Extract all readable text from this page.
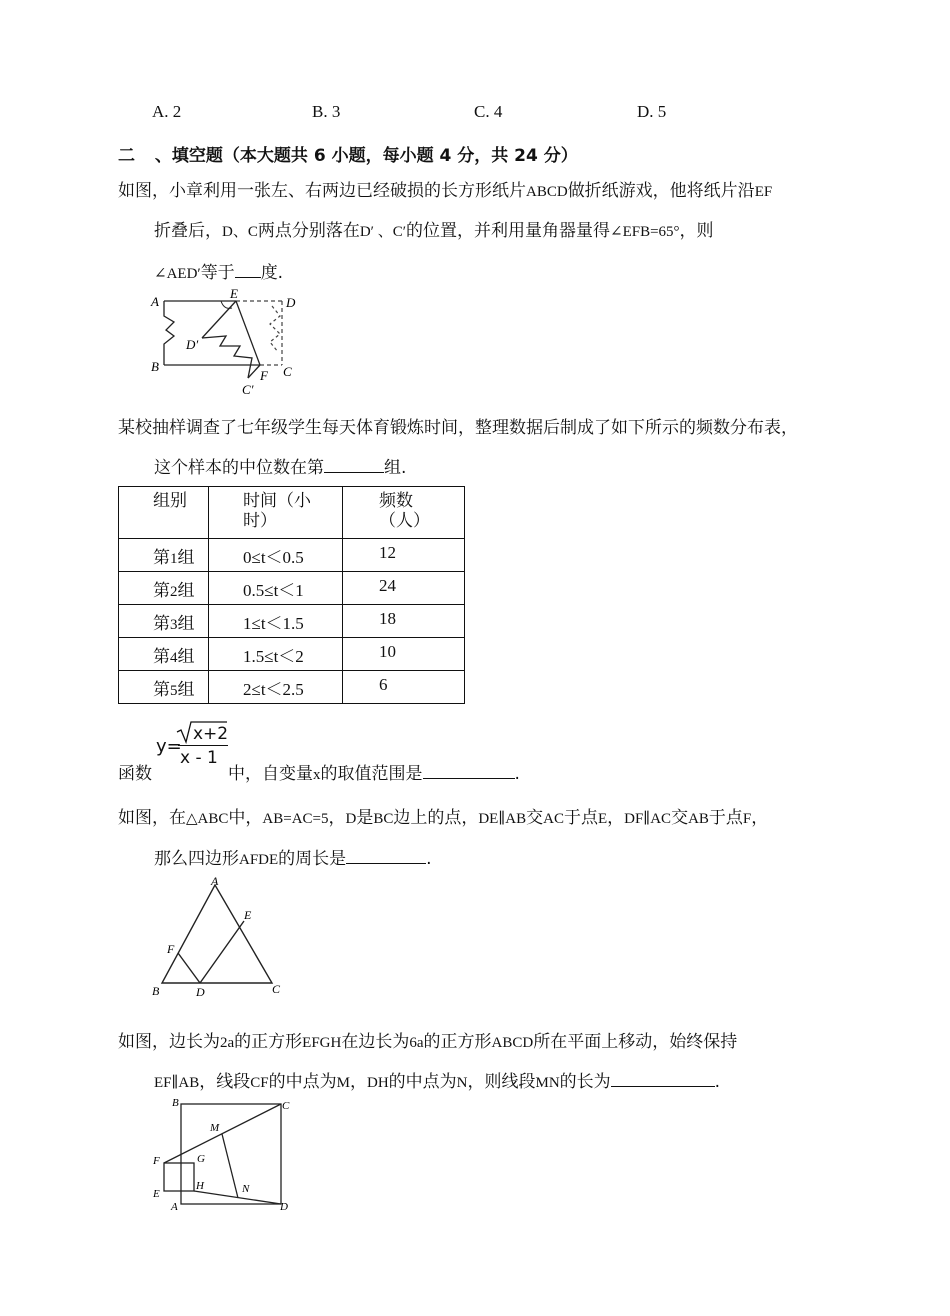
A. 2	B. 3	C. 4	D. 5
二 、填空题（本大题共 6 小题，每小题 4 分，共 24 分）
如图，小章利用一张左、右两边已经破损的长方形纸片ABCD做折纸游戏，他将纸片沿EF
折叠后，D、C两点分别落在D′ 、C′的位置，并利用量角器量得∠EFB=65°，则
∠AED′等于 度.
A
E
D
D′
B
F C
C′
某校抽样调查了七年级学生每天体育锻炼时间，整理数据后制成了如下所示的频数分布表，
这个样本的中位数在第	组.
组别	时间（小
时）	频数
（人）
第1组	0≤t＜0.5	12
第2组	0.5≤t＜1	24
第3组	1≤t＜1.5	18
第4组	1.5≤t＜2	10
第5组	2≤t＜2.5	6
函数
y=
x+2
x - 1
中，自变量x的取值范围是	.
如图，在△ABC中，AB=AC=5，D是BC边上的点，DE∥AB交AC于点E，DF∥AC交AB于点F，
那么四边形AFDE的周长是	.
A
E
F
B	D	C
如图，边长为2a的正方形EFGH在边长为6a的正方形ABCD所在平面上移动，始终保持
EF∥AB，线段CF的中点为M，DH的中点为N，则线段MN的长为	.
B	C
M
F	G
E
H	N
A	D
